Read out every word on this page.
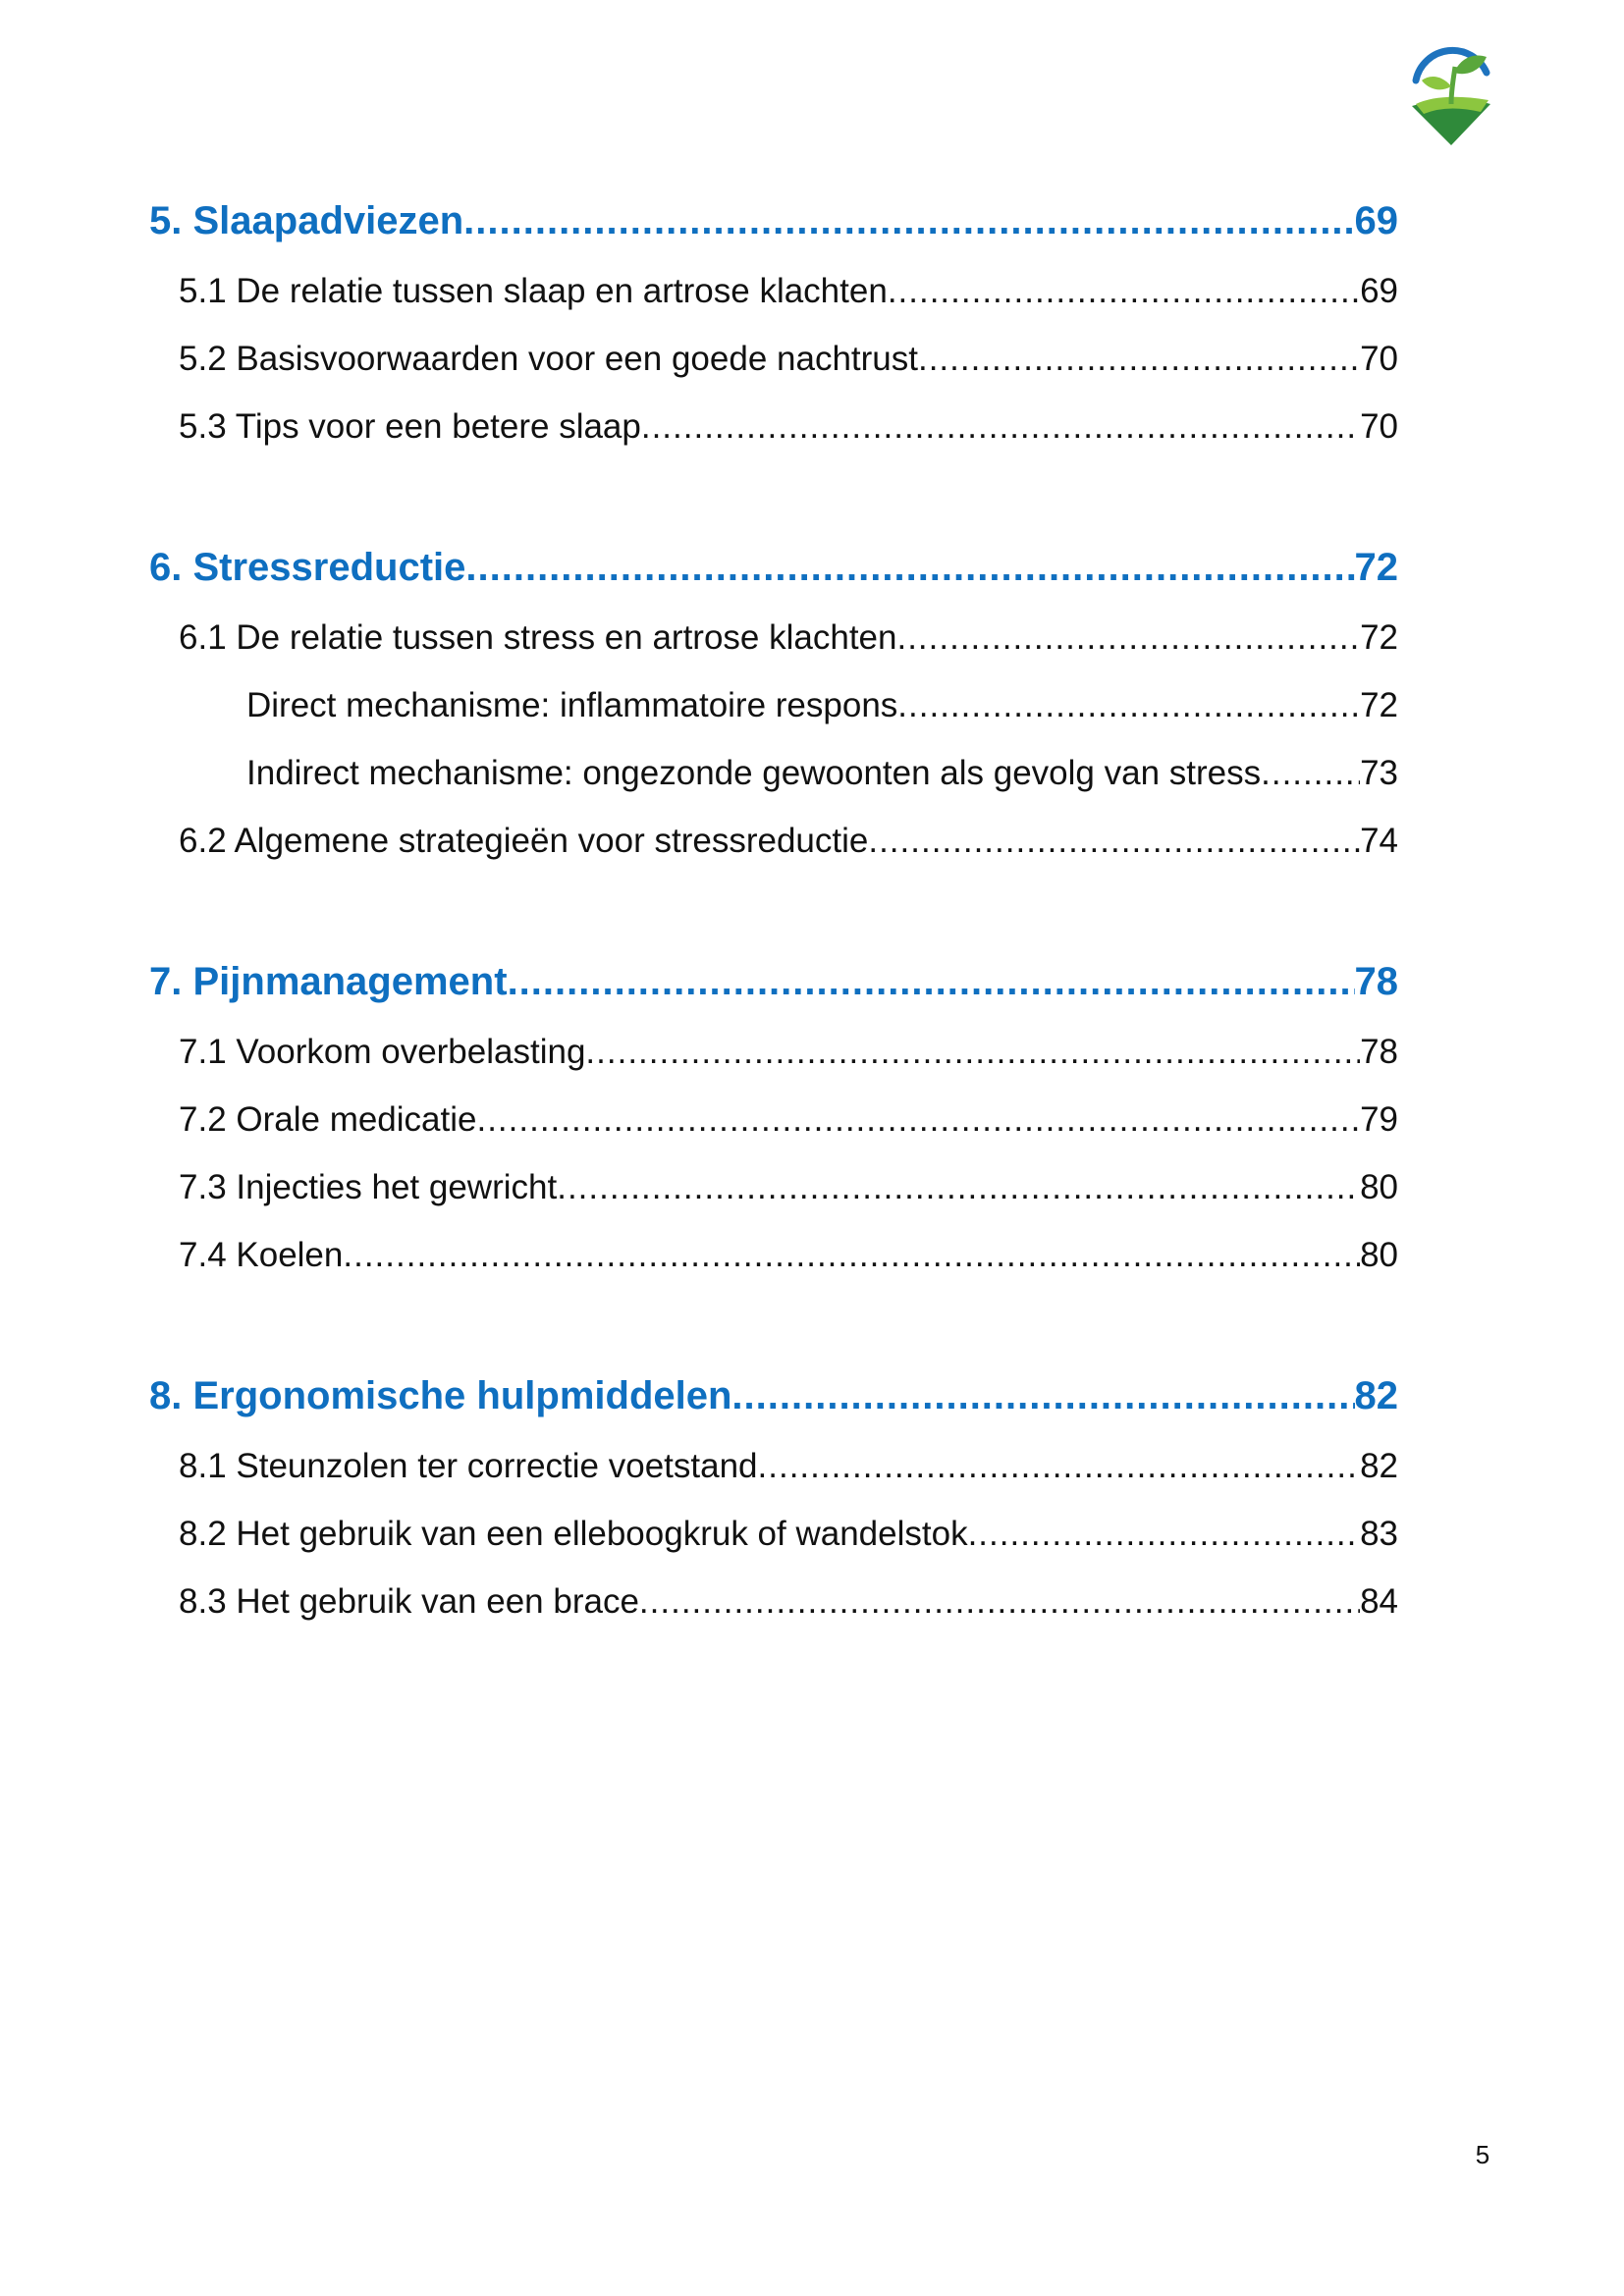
5. Slaapadviezen .....	69
5.1 De relatie tussen slaap en artrose klachten .....	69
5.2 Basisvoorwaarden voor een goede nachtrust .....	70
5.3 Tips voor een betere slaap .....	70
6. Stressreductie .....	72
6.1 De relatie tussen stress en artrose klachten .....	72
Direct mechanisme: inflammatoire respons .....	72
Indirect mechanisme: ongezonde gewoonten als gevolg van stress .....	73
6.2 Algemene strategieën voor stressreductie .....	74
7. Pijnmanagement .....	78
7.1 Voorkom overbelasting .....	78
7.2 Orale medicatie .....	79
7.3 Injecties het gewricht .....	80
7.4 Koelen .....	80
8. Ergonomische hulpmiddelen .....	82
8.1 Steunzolen ter correctie voetstand .....	82
8.2 Het gebruik van een elleboogkruk of wandelstok .....	83
8.3 Het gebruik van een brace .....	84
5
